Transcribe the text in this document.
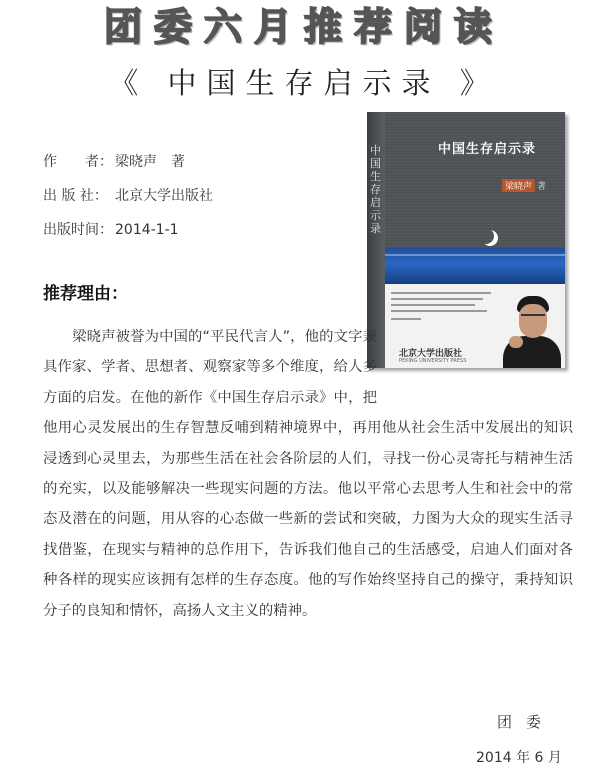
团委六月推荐阅读
《 中国生存启示录 》
作　　者： 梁晓声　著
出 版 社： 北京大学出版社
出版时间： 2014-1-1
中国生存启示录
中国生存启示录
梁晓声 著
北京大学出版社
PEKING UNIVERSITY PRESS
推荐理由：

梁晓声被誉为中国的“平民代言人”，他的文字兼具作家、学者、思想者、观察家等多个维度，给人多方面的启发。在他的新作《中国生存启示录》中，把他用心灵发展出的生存智慧反哺到精神境界中，再用他从社会生活中发展出的知识浸透到心灵里去，为那些生活在社会各阶层的人们，寻找一份心灵寄托与精神生活的充实，以及能够解决一些现实问题的方法。他以平常心去思考人生和社会中的常态及潜在的问题，用从容的心态做一些新的尝试和突破，力图为大众的现实生活寻找借鉴，在现实与精神的总作用下，告诉我们他自己的生活感受，启迪人们面对各种各样的现实应该拥有怎样的生存态度。他的写作始终坚持自己的操守，秉持知识分子的良知和情怀，高扬人文主义的精神。

团委
2014 年 6 月
